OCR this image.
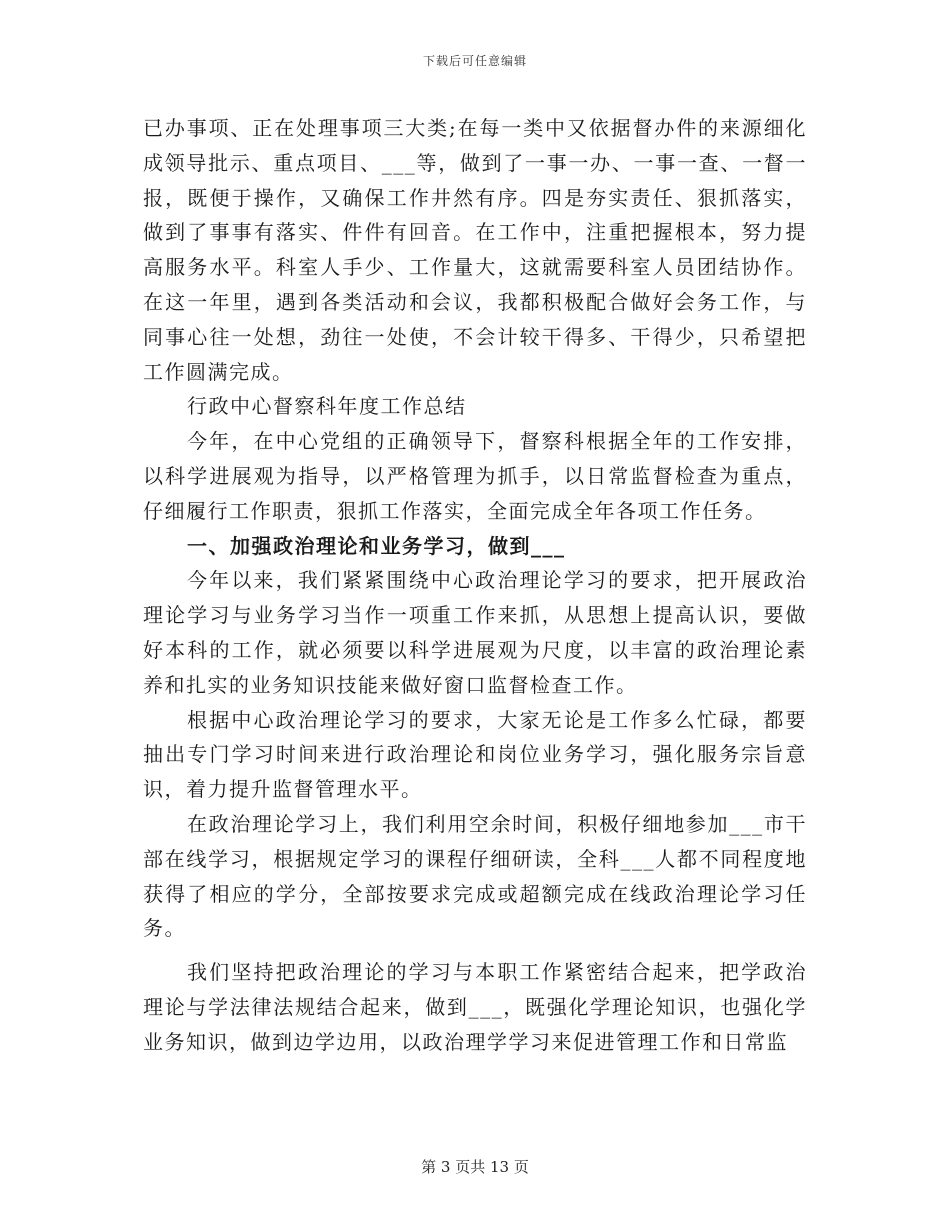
下载后可任意编辑

已办事项、正在处理事项三大类;在每一类中又依据督办件的来源细化成领导批示、重点项目、___等，做到了一事一办、一事一查、一督一报，既便于操作，又确保工作井然有序。四是夯实责任、狠抓落实，做到了事事有落实、件件有回音。在工作中，注重把握根本，努力提高服务水平。科室人手少、工作量大，这就需要科室人员团结协作。在这一年里，遇到各类活动和会议，我都积极配合做好会务工作，与同事心往一处想，劲往一处使，不会计较干得多、干得少，只希望把工作圆满完成。

行政中心督察科年度工作总结

今年，在中心党组的正确领导下，督察科根据全年的工作安排，以科学进展观为指导，以严格管理为抓手，以日常监督检查为重点，仔细履行工作职责，狠抓工作落实，全面完成全年各项工作任务。

一、加强政治理论和业务学习，做到___

今年以来，我们紧紧围绕中心政治理论学习的要求，把开展政治理论学习与业务学习当作一项重工作来抓，从思想上提高认识，要做好本科的工作，就必须要以科学进展观为尺度，以丰富的政治理论素养和扎实的业务知识技能来做好窗口监督检查工作。

根据中心政治理论学习的要求，大家无论是工作多么忙碌，都要抽出专门学习时间来进行政治理论和岗位业务学习，强化服务宗旨意识，着力提升监督管理水平。

在政治理论学习上，我们利用空余时间，积极仔细地参加___市干部在线学习，根据规定学习的课程仔细研读，全科___人都不同程度地获得了相应的学分，全部按要求完成或超额完成在线政治理论学习任务。

我们坚持把政治理论的学习与本职工作紧密结合起来，把学政治理论与学法律法规结合起来，做到___，既强化学理论知识，也强化学业务知识，做到边学边用，以政治理学学习来促进管理工作和日常监

第 3 页共 13 页
